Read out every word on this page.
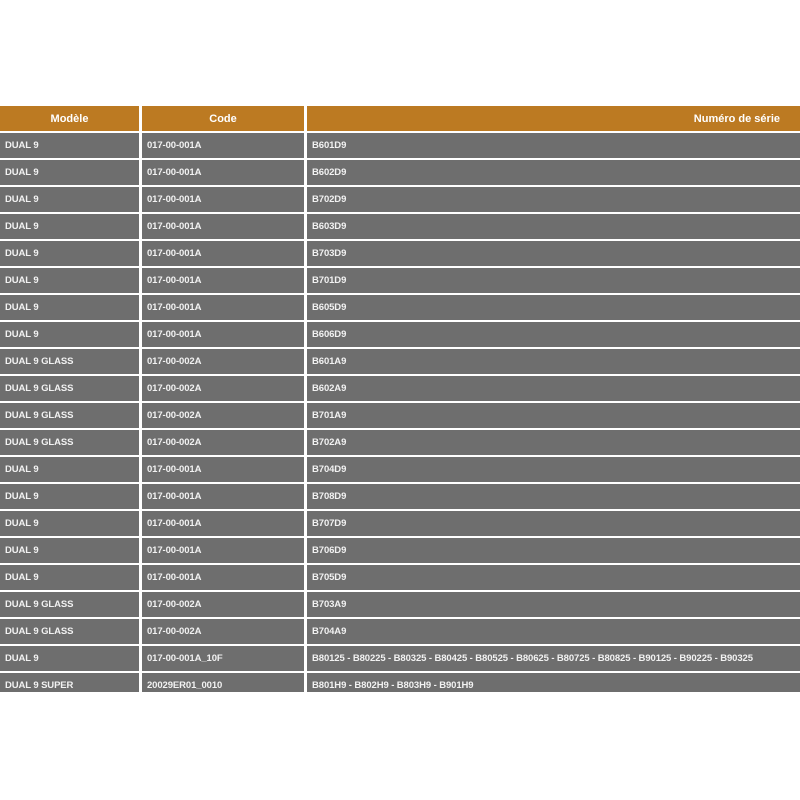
Modèle	Code	Numéro de série
DUAL 9	017-00-001A	B601D9
DUAL 9	017-00-001A	B602D9
DUAL 9	017-00-001A	B702D9
DUAL 9	017-00-001A	B603D9
DUAL 9	017-00-001A	B703D9
DUAL 9	017-00-001A	B701D9
DUAL 9	017-00-001A	B605D9
DUAL 9	017-00-001A	B606D9
DUAL 9 GLASS	017-00-002A	B601A9
DUAL 9 GLASS	017-00-002A	B602A9
DUAL 9 GLASS	017-00-002A	B701A9
DUAL 9 GLASS	017-00-002A	B702A9
DUAL 9	017-00-001A	B704D9
DUAL 9	017-00-001A	B708D9
DUAL 9	017-00-001A	B707D9
DUAL 9	017-00-001A	B706D9
DUAL 9	017-00-001A	B705D9
DUAL 9 GLASS	017-00-002A	B703A9
DUAL 9 GLASS	017-00-002A	B704A9
DUAL 9	017-00-001A_10F	B80125 - B80225 - B80325 - B80425 - B80525 - B80625 - B80725 - B80825 - B90125 - B90225 - B90325
DUAL 9 SUPER	20029ER01_0010	B801H9 - B802H9 - B803H9 - B901H9
